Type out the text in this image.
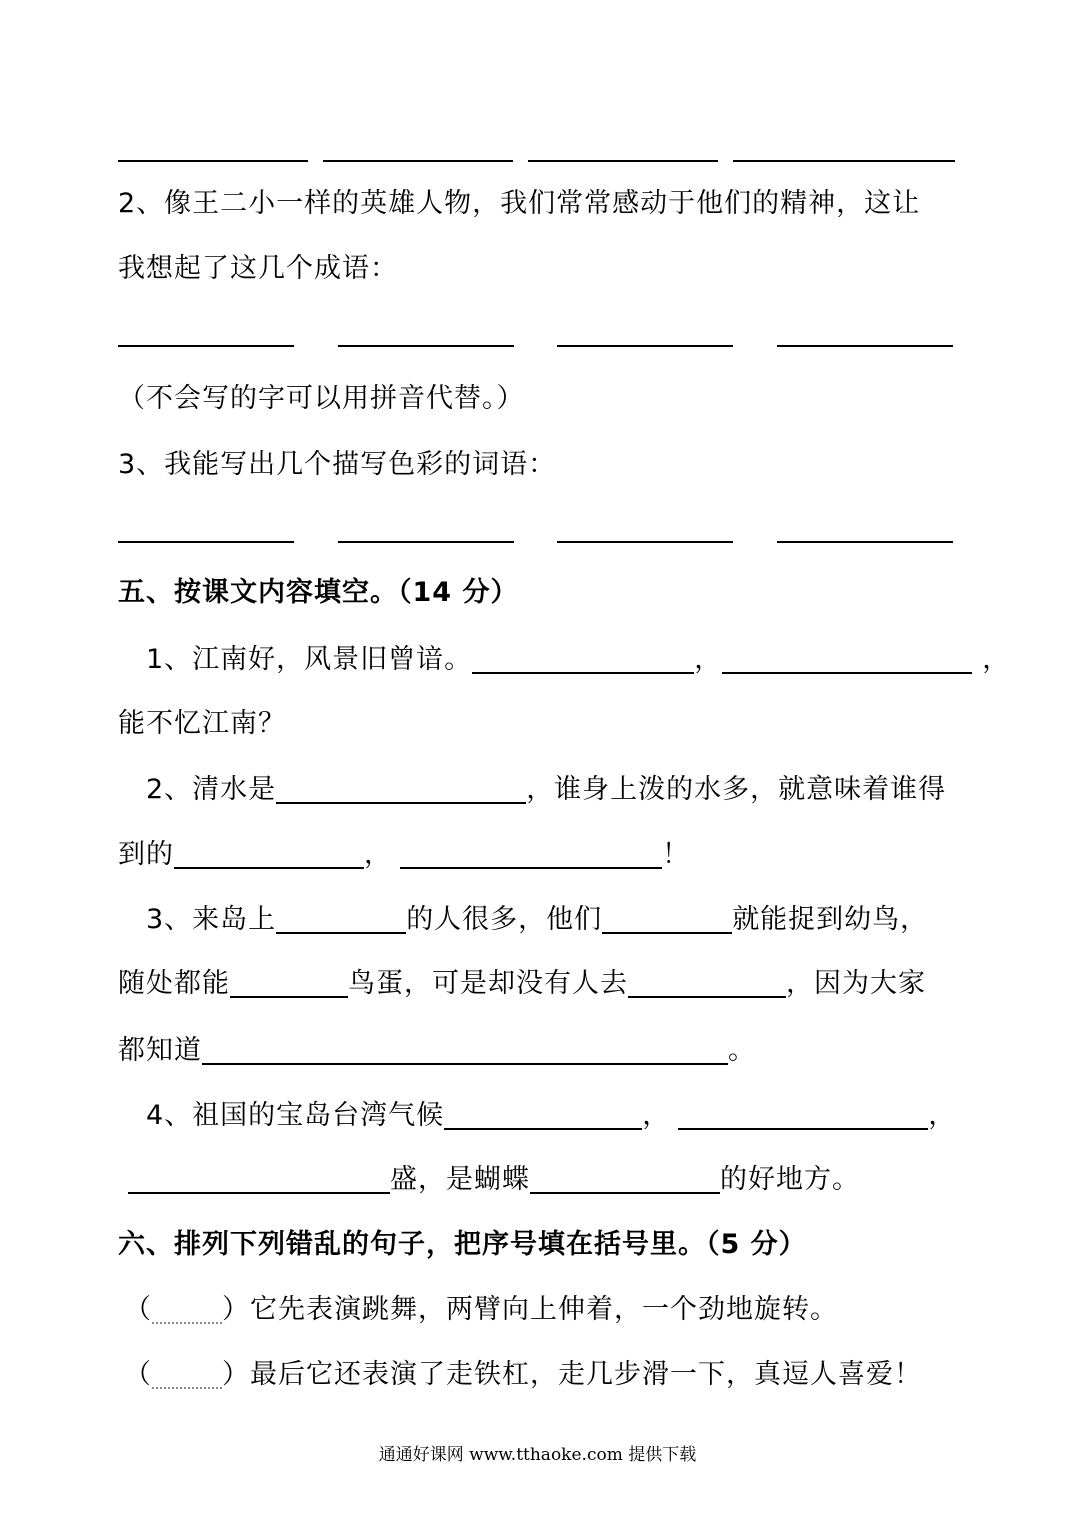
2、像王二小一样的英雄人物，我们常常感动于他们的精神，这让
我想起了这几个成语：
（不会写的字可以用拼音代替。）
3、我能写出几个描写色彩的词语：
五、按课文内容填空。（14 分）
1、江南好，风景旧曾谙。	，	，
能不忆江南？
2、清水是	，谁身上泼的水多，就意味着谁得
到的	，	！
3、来岛上	的人很多，他们	就能捉到幼鸟，
随处都能	鸟蛋，可是却没有人去	，因为大家
都知道	。
4、祖国的宝岛台湾气候	，	，
盛，是蝴蝶	的好地方。
六、排列下列错乱的句子，把序号填在括号里。（5 分）
（	）它先表演跳舞，两臂向上伸着，一个劲地旋转。
（	）最后它还表演了走铁杠，走几步滑一下，真逗人喜爱！
通通好课网 www.tthaoke.com 提供下载
